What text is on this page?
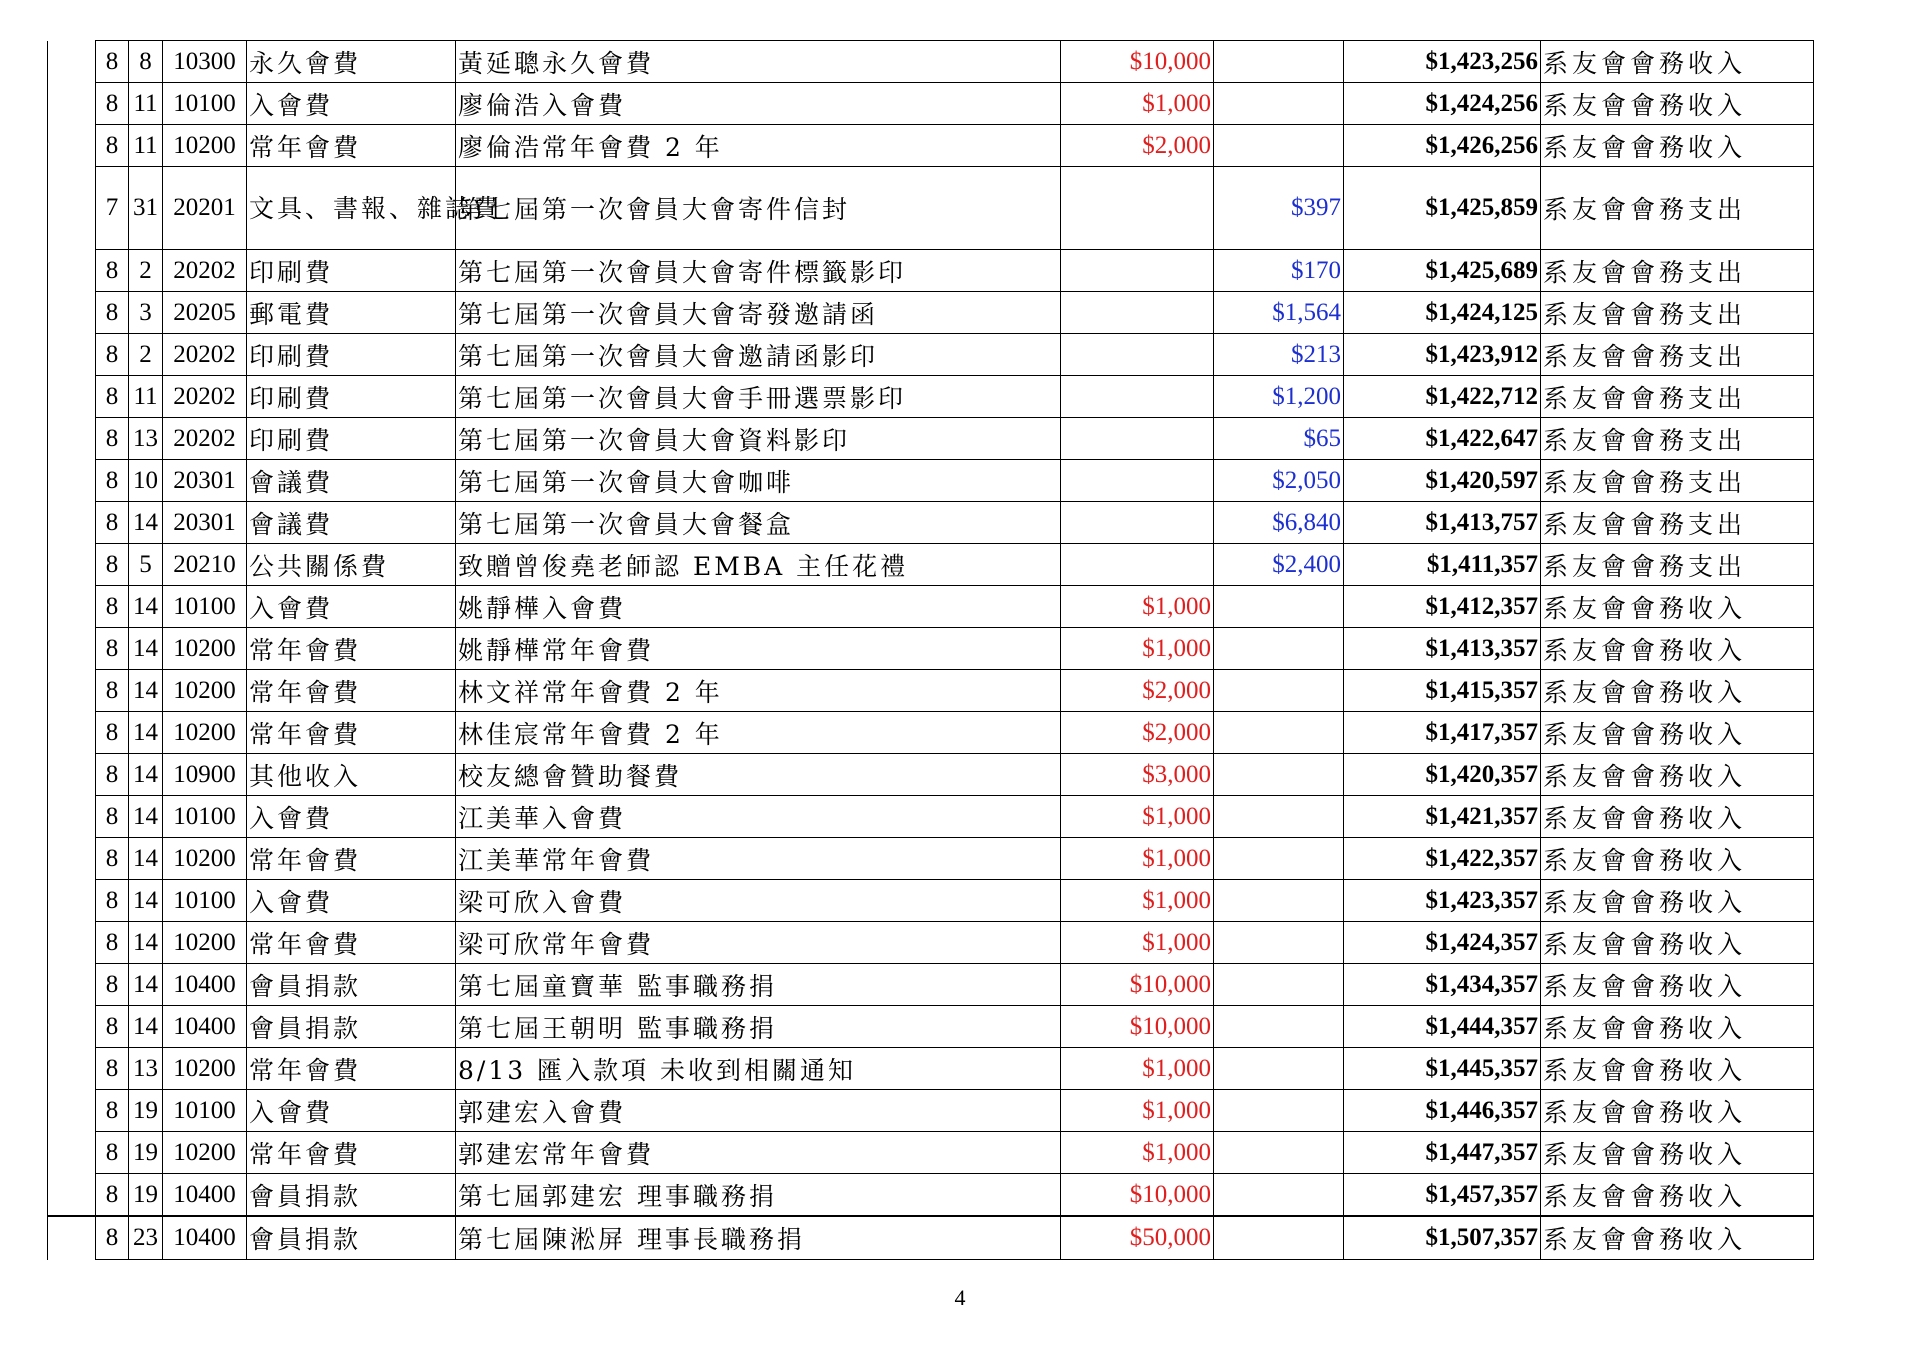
	8	8	10300	永久會費	黃延聰永久會費	$10,000		$1,423,256	系友會會務收入
	8	11	10100	入會費	廖倫浩入會費	$1,000		$1,424,256	系友會會務收入
	8	11	10200	常年會費	廖倫浩常年會費 2 年	$2,000		$1,426,256	系友會會務收入
	7	31	20201	文具、書報、雜誌費	第七屆第一次會員大會寄件信封		$397	$1,425,859	系友會會務支出
	8	2	20202	印刷費	第七屆第一次會員大會寄件標籤影印		$170	$1,425,689	系友會會務支出
	8	3	20205	郵電費	第七屆第一次會員大會寄發邀請函		$1,564	$1,424,125	系友會會務支出
	8	2	20202	印刷費	第七屆第一次會員大會邀請函影印		$213	$1,423,912	系友會會務支出
	8	11	20202	印刷費	第七屆第一次會員大會手冊選票影印		$1,200	$1,422,712	系友會會務支出
	8	13	20202	印刷費	第七屆第一次會員大會資料影印		$65	$1,422,647	系友會會務支出
	8	10	20301	會議費	第七屆第一次會員大會咖啡		$2,050	$1,420,597	系友會會務支出
	8	14	20301	會議費	第七屆第一次會員大會餐盒		$6,840	$1,413,757	系友會會務支出
	8	5	20210	公共關係費	致贈曾俊堯老師認 EMBA 主任花禮		$2,400	$1,411,357	系友會會務支出
	8	14	10100	入會費	姚靜樺入會費	$1,000		$1,412,357	系友會會務收入
	8	14	10200	常年會費	姚靜樺常年會費	$1,000		$1,413,357	系友會會務收入
	8	14	10200	常年會費	林文祥常年會費 2 年	$2,000		$1,415,357	系友會會務收入
	8	14	10200	常年會費	林佳宸常年會費 2 年	$2,000		$1,417,357	系友會會務收入
	8	14	10900	其他收入	校友總會贊助餐費	$3,000		$1,420,357	系友會會務收入
	8	14	10100	入會費	江美華入會費	$1,000		$1,421,357	系友會會務收入
	8	14	10200	常年會費	江美華常年會費	$1,000		$1,422,357	系友會會務收入
	8	14	10100	入會費	梁可欣入會費	$1,000		$1,423,357	系友會會務收入
	8	14	10200	常年會費	梁可欣常年會費	$1,000		$1,424,357	系友會會務收入
	8	14	10400	會員捐款	第七屆童寶華 監事職務捐	$10,000		$1,434,357	系友會會務收入
	8	14	10400	會員捐款	第七屆王朝明 監事職務捐	$10,000		$1,444,357	系友會會務收入
	8	13	10200	常年會費	8/13 匯入款項 未收到相關通知	$1,000		$1,445,357	系友會會務收入
	8	19	10100	入會費	郭建宏入會費	$1,000		$1,446,357	系友會會務收入
	8	19	10200	常年會費	郭建宏常年會費	$1,000		$1,447,357	系友會會務收入
	8	19	10400	會員捐款	第七屆郭建宏 理事職務捐	$10,000		$1,457,357	系友會會務收入
	8	23	10400	會員捐款	第七屆陳淞屏 理事長職務捐	$50,000		$1,507,357	系友會會務收入
4
